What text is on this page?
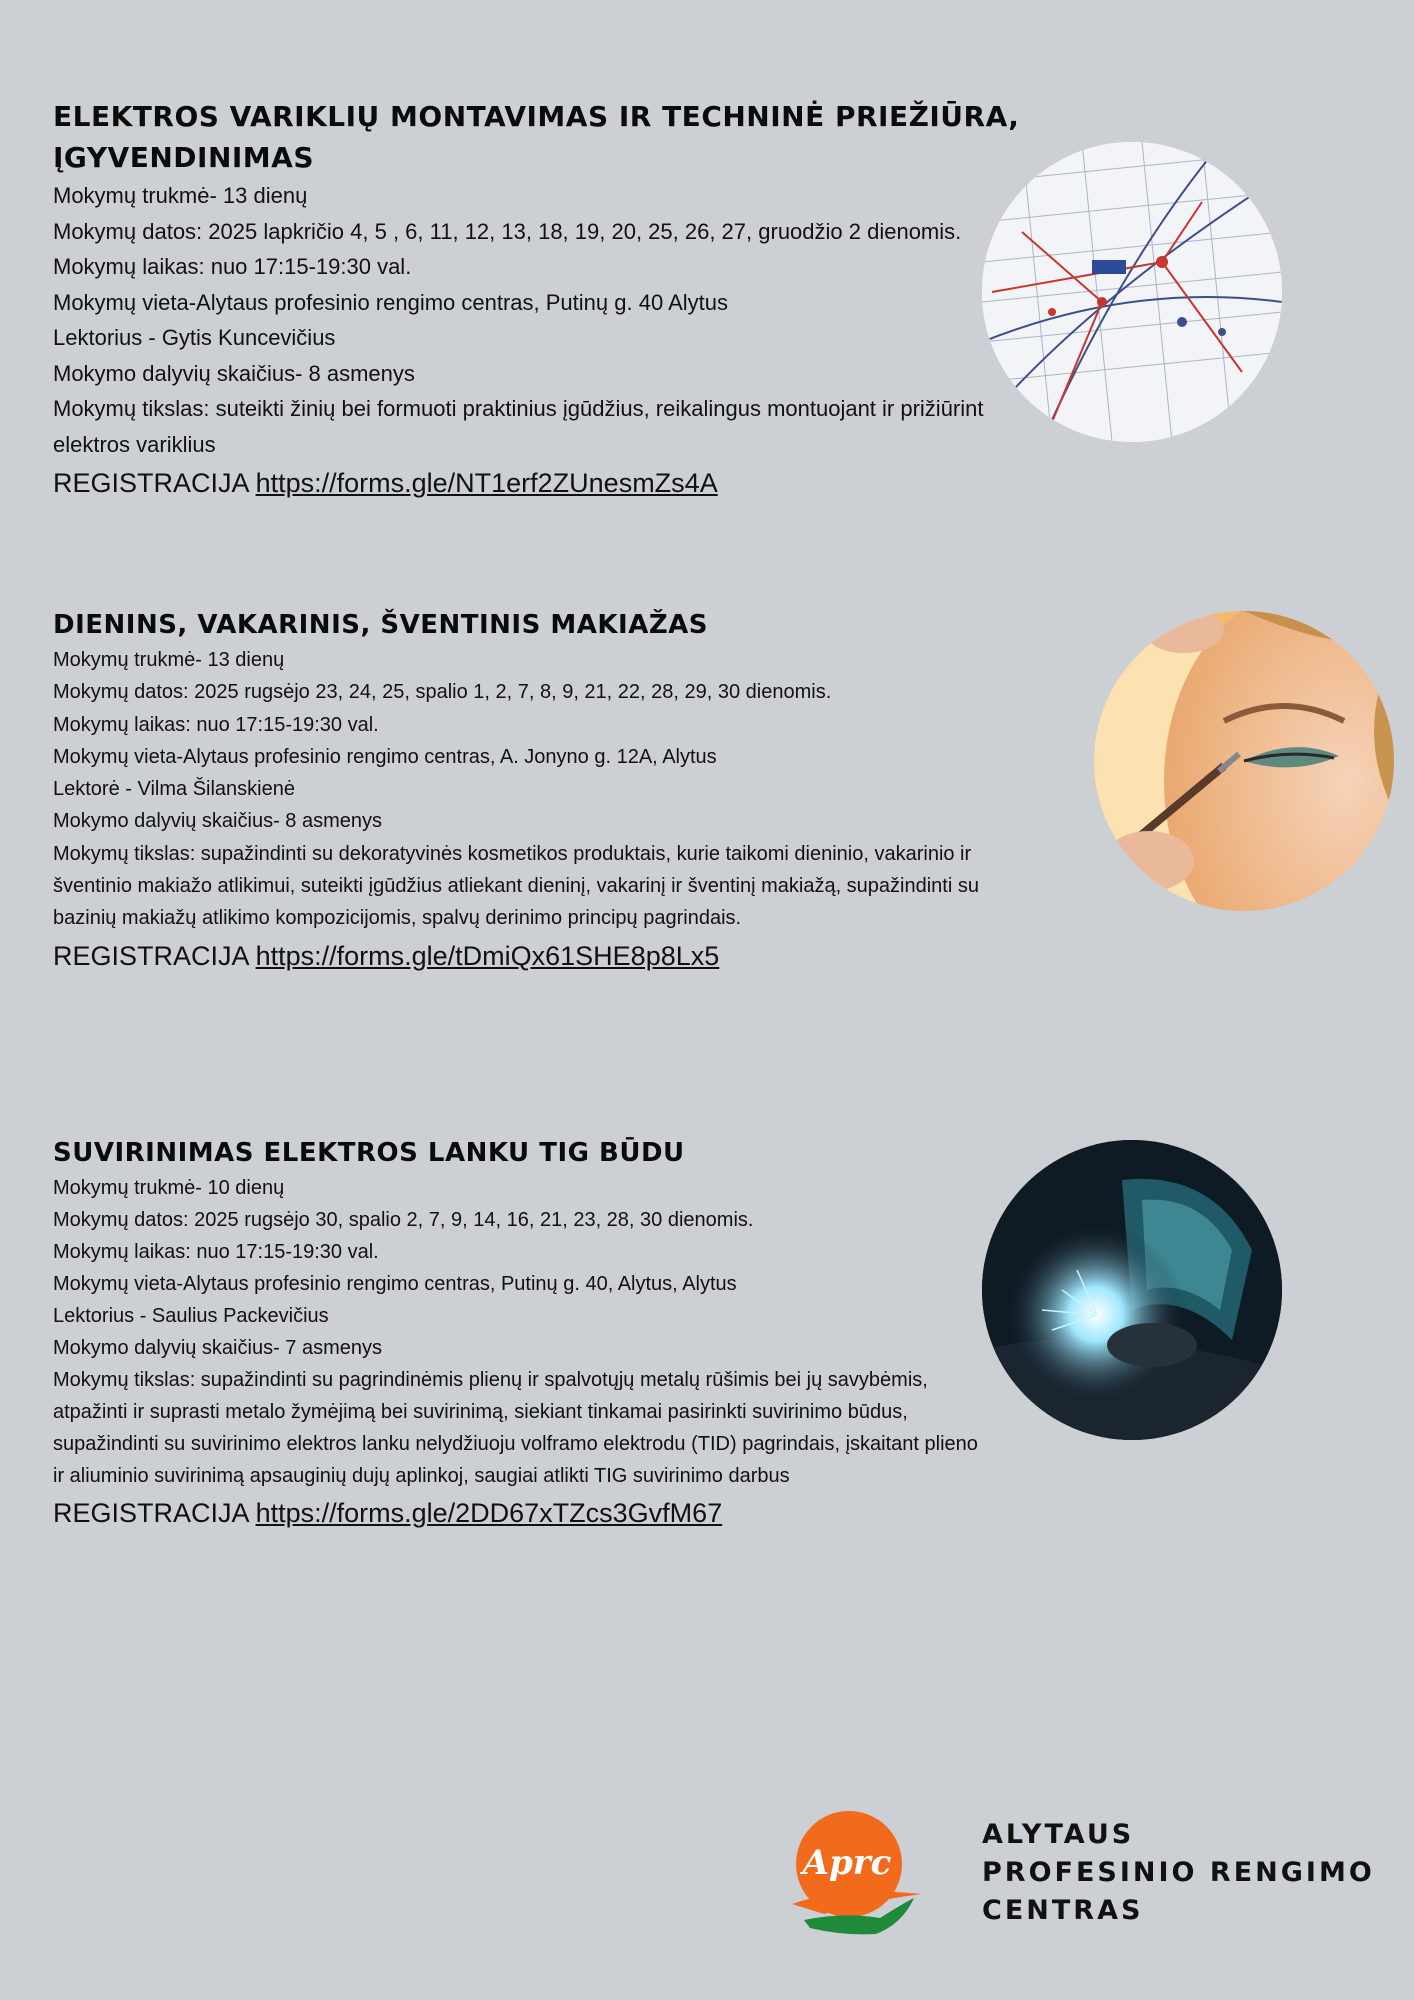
ELEKTROS VARIKLIŲ MONTAVIMAS IR TECHNINĖ PRIEŽIŪRA, ĮGYVENDINIMAS

Mokymų trukmė- 13 dienų

Mokymų datos: 2025 lapkričio 4, 5 , 6, 11, 12, 13, 18, 19, 20, 25, 26, 27, gruodžio 2 dienomis.

Mokymų laikas: nuo 17:15-19:30 val.

Mokymų vieta-Alytaus profesinio rengimo centras, Putinų g. 40 Alytus

Lektorius - Gytis Kuncevičius

Mokymo dalyvių skaičius- 8 asmenys

Mokymų tikslas: suteikti žinių bei formuoti praktinius įgūdžius, reikalingus montuojant ir prižiūrint elektros variklius

REGISTRACIJA https://forms.gle/NT1erf2ZUnesmZs4A
DIENINS, VAKARINIS, ŠVENTINIS MAKIAŽAS

Mokymų trukmė- 13 dienų

Mokymų datos: 2025 rugsėjo 23, 24, 25, spalio 1, 2, 7, 8, 9, 21, 22, 28, 29, 30 dienomis.

Mokymų laikas: nuo 17:15-19:30 val.

Mokymų vieta-Alytaus profesinio rengimo centras, A. Jonyno g. 12A, Alytus

Lektorė - Vilma Šilanskienė

Mokymo dalyvių skaičius- 8 asmenys

Mokymų tikslas: supažindinti su dekoratyvinės kosmetikos produktais, kurie taikomi dieninio, vakarinio ir šventinio makiažo atlikimui, suteikti įgūdžius atliekant dieninį, vakarinį ir šventinį makiažą, supažindinti su bazinių makiažų atlikimo kompozicijomis, spalvų derinimo principų pagrindais.

REGISTRACIJA https://forms.gle/tDmiQx61SHE8p8Lx5
SUVIRINIMAS ELEKTROS LANKU TIG BŪDU

Mokymų trukmė- 10 dienų

Mokymų datos: 2025 rugsėjo 30, spalio 2, 7, 9, 14, 16, 21, 23, 28, 30 dienomis.

Mokymų laikas: nuo 17:15-19:30 val.

Mokymų vieta-Alytaus profesinio rengimo centras, Putinų g. 40, Alytus, Alytus

Lektorius - Saulius Packevičius

Mokymo dalyvių skaičius- 7 asmenys

Mokymų tikslas: supažindinti su pagrindinėmis plienų ir spalvotųjų metalų rūšimis bei jų savybėmis, atpažinti ir suprasti metalo žymėjimą bei suvirinimą, siekiant tinkamai pasirinkti suvirinimo būdus, supažindinti su suvirinimo elektros lanku nelydžiuoju volframo elektrodu (TID) pagrindais, įskaitant plieno ir aliuminio suvirinimą apsauginių dujų aplinkoj, saugiai atlikti TIG suvirinimo darbus

REGISTRACIJA https://forms.gle/2DD67xTZcs3GvfM67
Aprc
ALYTAUS
PROFESINIO RENGIMO
CENTRAS
